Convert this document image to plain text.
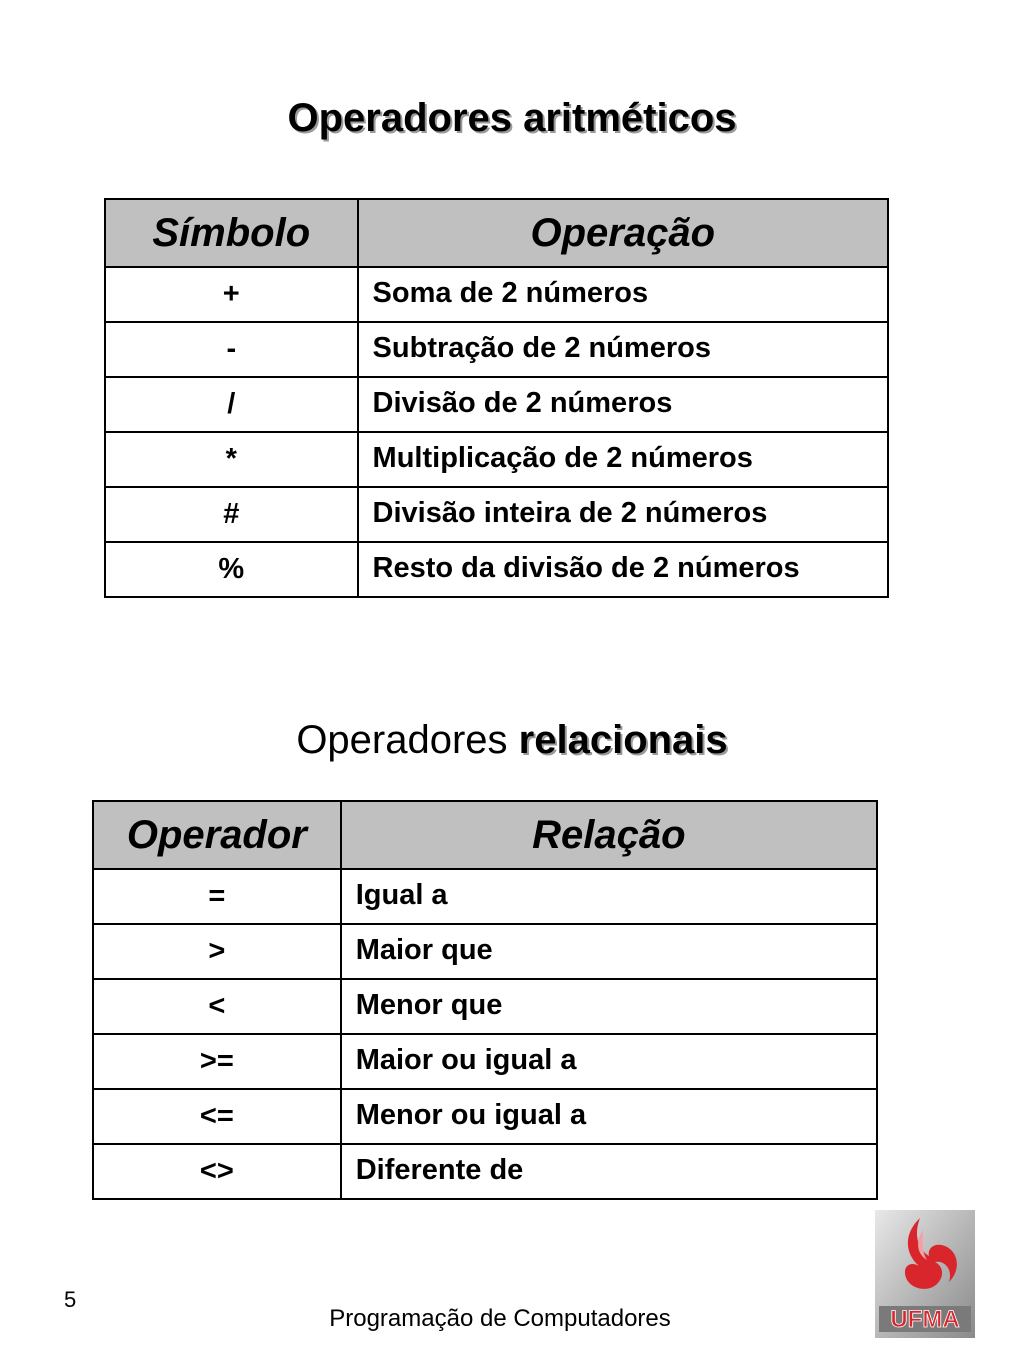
Operadores aritméticos
Símbolo	Operação
+	Soma de 2 números
-	Subtração de 2 números
/	Divisão de 2 números
*	Multiplicação de 2 números
#	Divisão inteira de 2 números
%	Resto da divisão de 2 números
Operadores relacionais
Operador	Relação
=	Igual a
>	Maior que
<	Menor que
>=	Maior ou igual a
<=	Menor ou igual a
<>	Diferente de
5
Programação de Computadores	UFMA
